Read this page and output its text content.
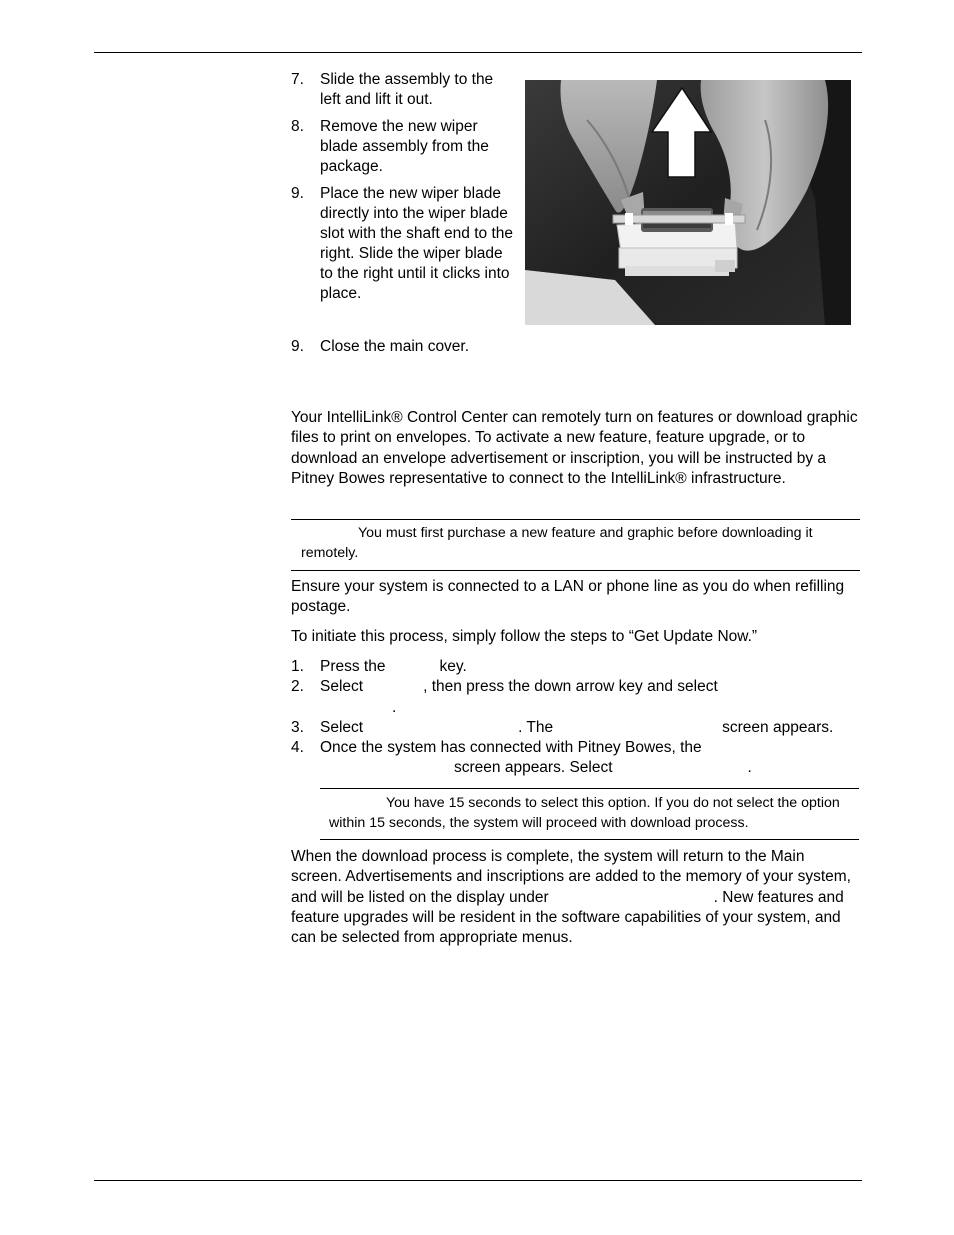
7. Slide the assembly to the left and lift it out.
8. Remove the new wiper blade assembly from the package.
9. Place the new wiper blade directly into the wiper blade slot with the shaft end to the right. Slide the wiper blade to the right until it clicks into place.
9. Close the main cover.

Your IntelliLink® Control Center can remotely turn on features or download graphic files to print on envelopes. To activate a new feature, feature upgrade, or to download an envelope advertisement or inscription, you will be instructed by a Pitney Bowes representative to connect to the IntelliLink® infrastructure.

You must first purchase a new feature and graphic before downloading it remotely.

Ensure your system is connected to a LAN or phone line as you do when refilling postage.

To initiate this process, simply follow the steps to “Get Update Now.”

1. Press the	key.
2. Select	, then press the down arrow key and select
.
3. Select	. The	screen appears.
4. Once the system has connected with Pitney Bowes, the
screen appears. Select	.
You have 15 seconds to select this option. If you do not select the option within 15 seconds, the system will proceed with download process.

When the download process is complete, the system will return to the Main screen. Advertisements and inscriptions are added to the memory of your system, and will be listed on the display under	. New features and feature upgrades will be resident in the software capabilities of your system, and can be selected from appropriate menus.
